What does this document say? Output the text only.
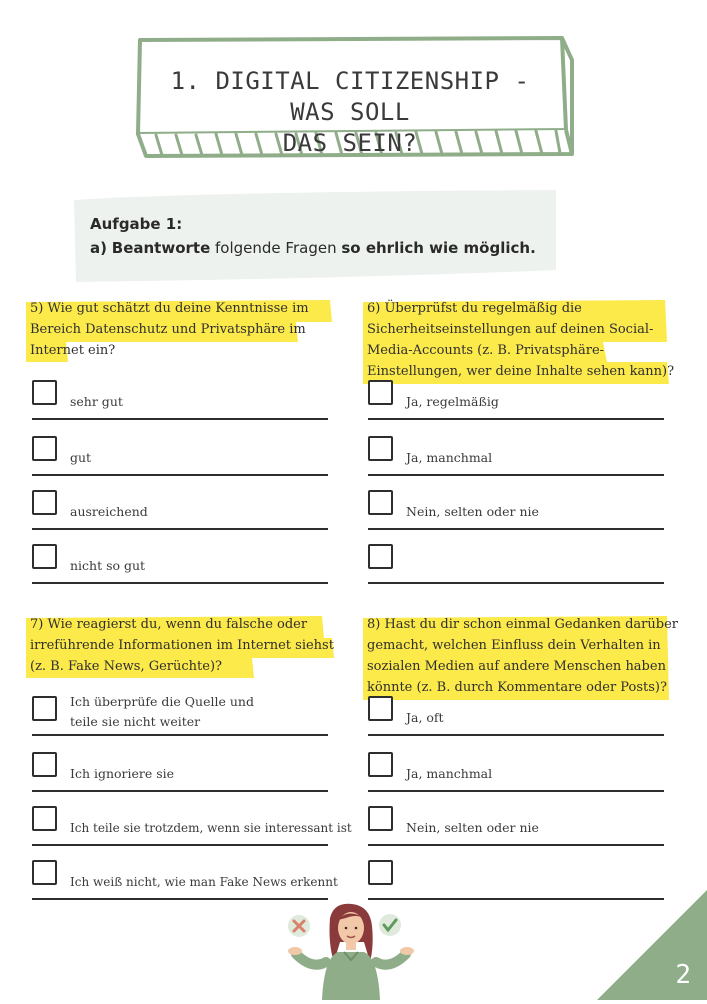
1. DIGITAL CITIZENSHIP - WAS SOLL
DAS SEIN?
Aufgabe 1:
a) Beantworte folgende Fragen so ehrlich wie möglich.
5) Wie gut schätzt du deine Kenntnisse im
Bereich Datenschutz und Privatsphäre im
Internet ein?
6) Überprüfst du regelmäßig die
Sicherheitseinstellungen auf deinen Social-
Media-Accounts (z. B. Privatsphäre-
Einstellungen, wer deine Inhalte sehen kann)?
sehr gut
gut
ausreichend
nicht so gut
Ja, regelmäßig
Ja, manchmal
Nein, selten oder nie
7) Wie reagierst du, wenn du falsche oder
irreführende Informationen im Internet siehst
(z. B. Fake News, Gerüchte)?
8) Hast du dir schon einmal Gedanken darüber
gemacht, welchen Einfluss dein Verhalten in
sozialen Medien auf andere Menschen haben
könnte (z. B. durch Kommentare oder Posts)?
Ich überprüfe die Quelle und
teile sie nicht weiter
Ich ignoriere sie
Ich teile sie trotzdem, wenn sie interessant ist
Ich weiß nicht, wie man Fake News erkennt
Ja, oft
Ja, manchmal
Nein, selten oder nie
2
